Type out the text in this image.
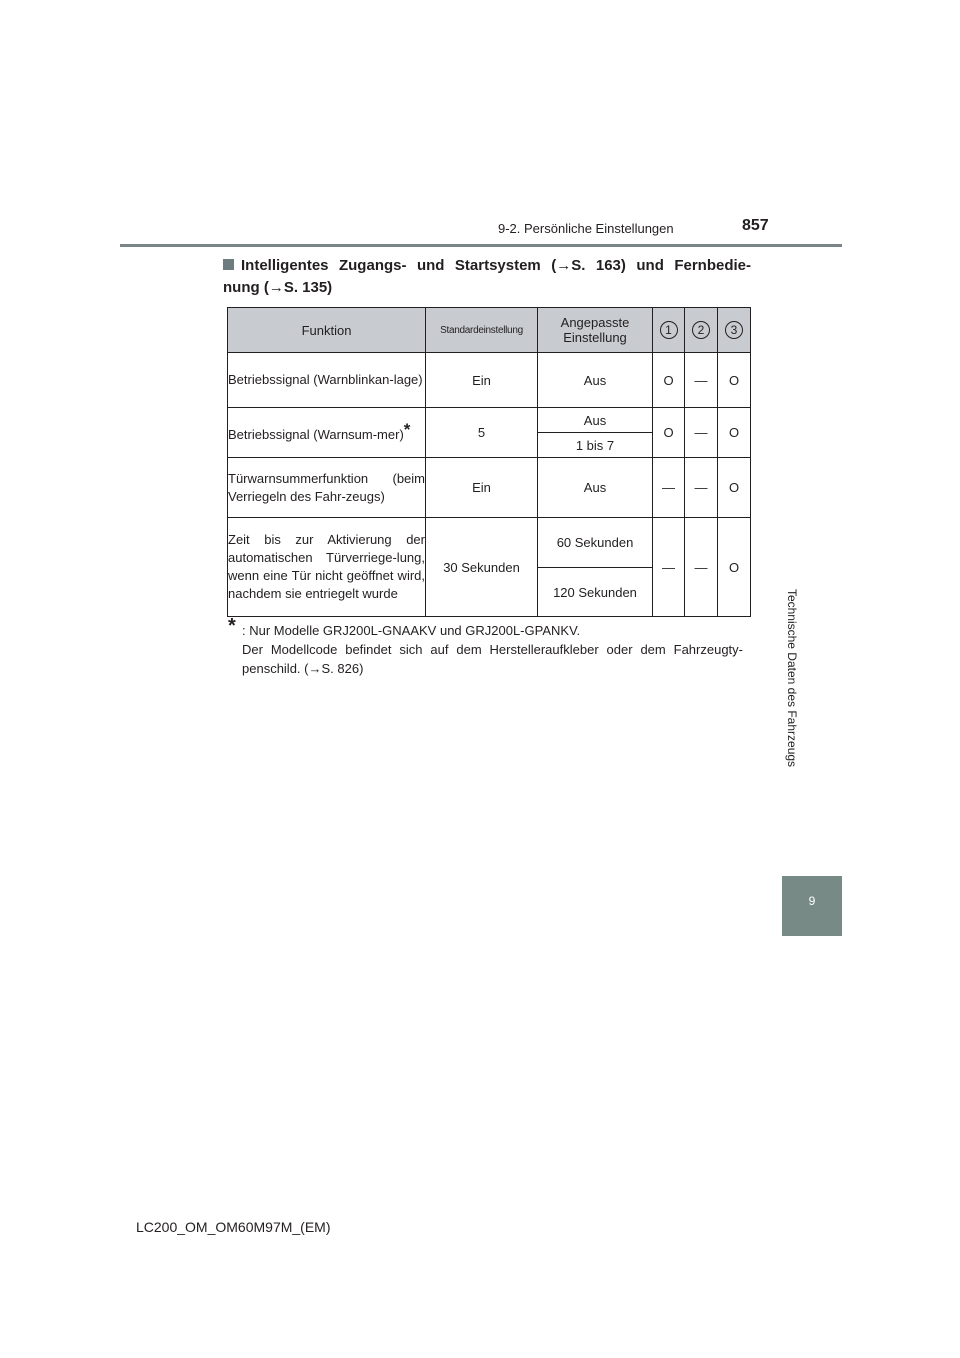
9-2. Persönliche Einstellungen	857
Technische Daten des Fahrzeugs
9
Intelligentes Zugangs- und Startsystem (→S. 163) und Fernbedie-
nung (→S. 135)
Funktion	Standardeinstellung	Angepasste Einstellung	1	2	3
Betriebssignal (Warnblinkan-lage)	Ein	Aus	O	—	O
Betriebssignal (Warnsum-mer)*	5	Aus	O	—	O
		1 bis 7			
Türwarnsummerfunktion (beim Verriegeln des Fahr-zeugs)	Ein	Aus	—	—	O
Zeit bis zur Aktivierung der automatischen Türverriege-lung, wenn eine Tür nicht geöffnet wird, nachdem sie entriegelt wurde	30 Sekunden	60 Sekunden	—	—	O
		120 Sekunden			
* : Nur Modelle GRJ200L-GNAAKV und GRJ200L-GPANKV.
Der Modellcode befindet sich auf dem Herstelleraufkleber oder dem Fahrzeugty-
penschild. (→S. 826)
LC200_OM_OM60M97M_(EM)
